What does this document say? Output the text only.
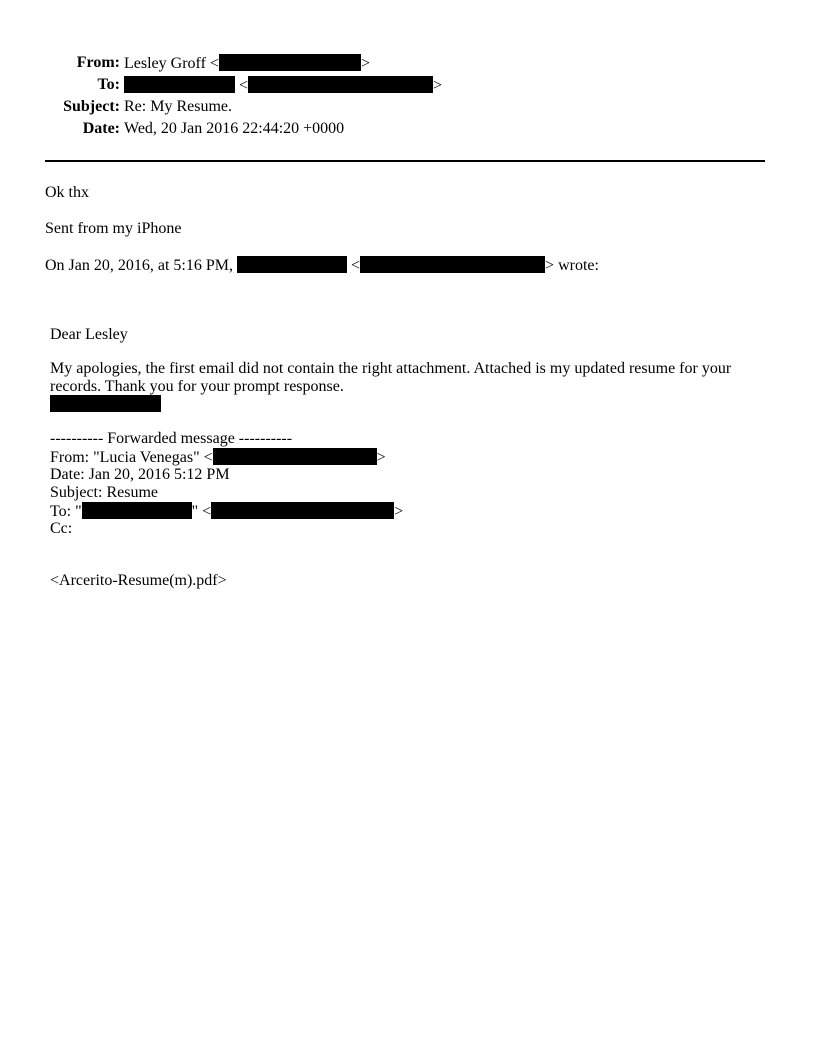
From: Lesley Groff <	>
To:	<	>
Subject: Re: My Resume.
Date: Wed, 20 Jan 2016 22:44:20 +0000
Ok thx
Sent from my iPhone
On Jan 20, 2016, at 5:16 PM,	<	> wrote:
Dear Lesley
My apologies, the first email did not contain the right attachment. Attached is my updated resume for your records. Thank you for your prompt response.
---------- Forwarded message ----------
From: "Lucia Venegas" <	>
Date: Jan 20, 2016 5:12 PM
Subject: Resume
To: "	" <	>
Cc:
<Arcerito-Resume(m).pdf>
